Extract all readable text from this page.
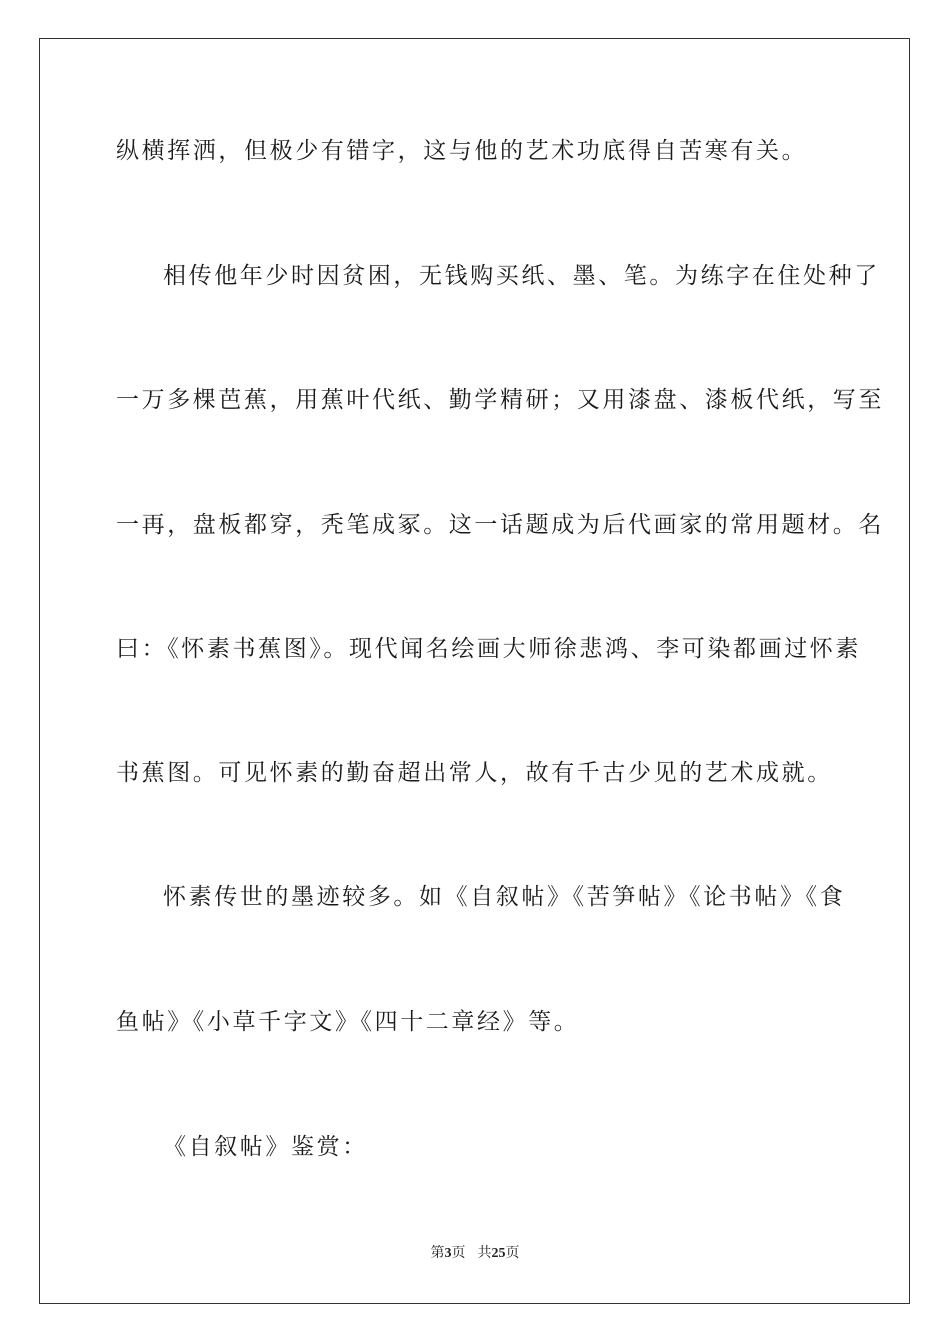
纵横挥洒，但极少有错字，这与他的艺术功底得自苦寒有关。
相传他年少时因贫困，无钱购买纸、墨、笔。为练字在住处种了
一万多棵芭蕉，用蕉叶代纸、勤学精研；又用漆盘、漆板代纸，写至
一再，盘板都穿，秃笔成冢。这一话题成为后代画家的常用题材。名
曰：《怀素书蕉图》。现代闻名绘画大师徐悲鸿、李可染都画过怀素
书蕉图。可见怀素的勤奋超出常人，故有千古少见的艺术成就。
怀素传世的墨迹较多。如《自叙帖》《苦笋帖》《论书帖》《食
鱼帖》《小草千字文》《四十二章经》等。
《自叙帖》鉴赏：
第3页 共25页
